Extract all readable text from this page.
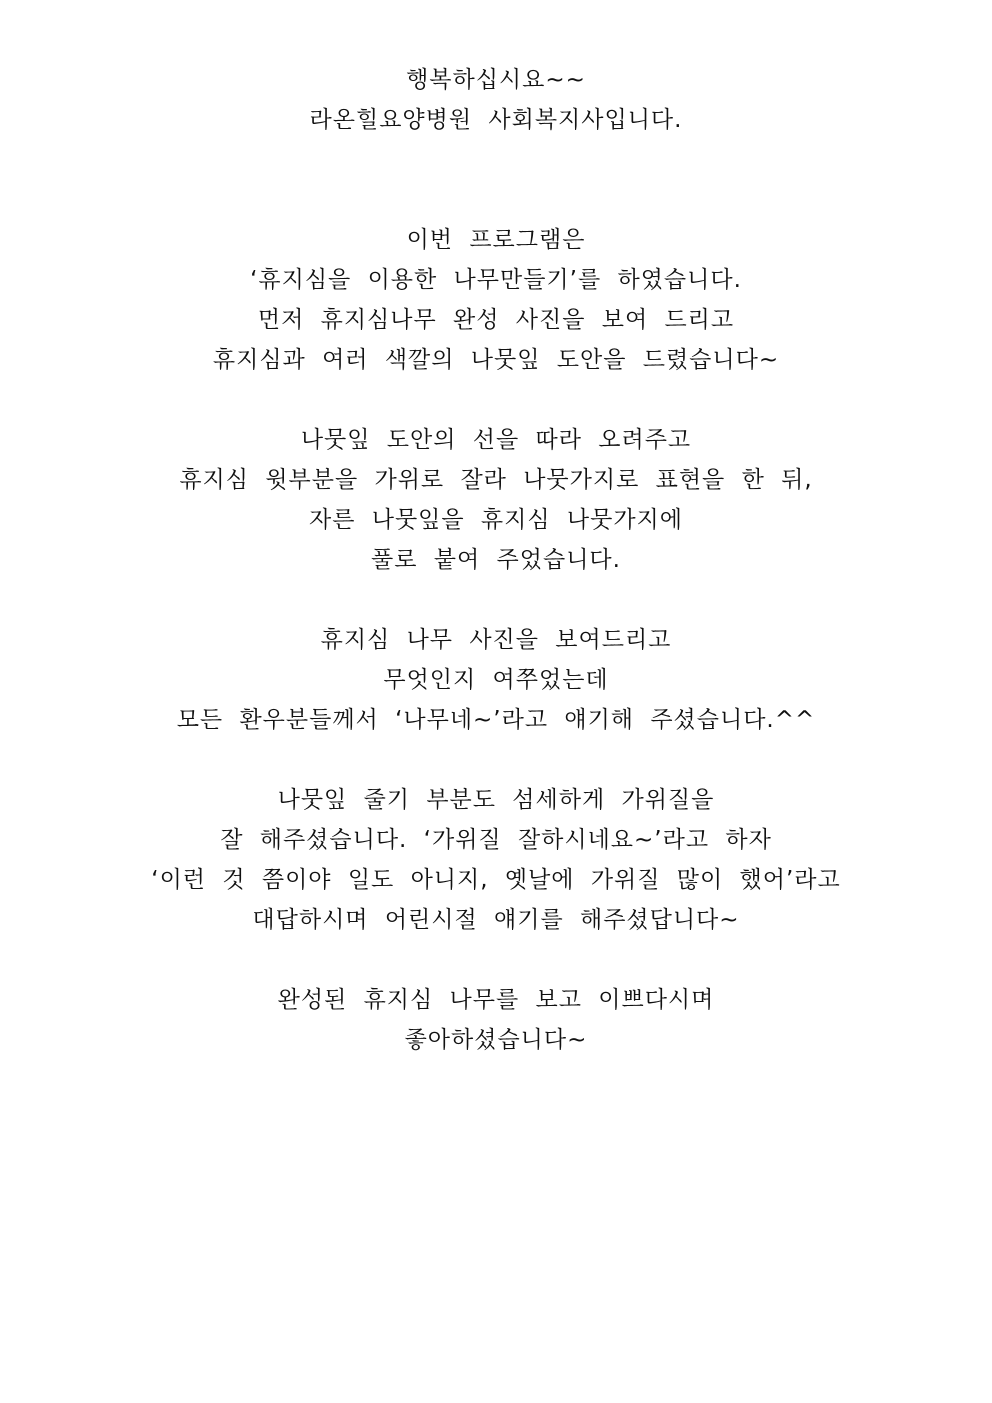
행복하십시요~~
라온힐요양병원 사회복지사입니다.
이번 프로그램은
‘휴지심을 이용한 나무만들기’를 하였습니다.
먼저 휴지심나무 완성 사진을 보여 드리고
휴지심과 여러 색깔의 나뭇잎 도안을 드렸습니다~
나뭇잎 도안의 선을 따라 오려주고
휴지심 윗부분을 가위로 잘라 나뭇가지로 표현을 한 뒤,
자른 나뭇잎을 휴지심 나뭇가지에
풀로 붙여 주었습니다.
휴지심 나무 사진을 보여드리고
무엇인지 여쭈었는데
모든 환우분들께서 ‘나무네~’라고 얘기해 주셨습니다.^^
나뭇잎 줄기 부분도 섬세하게 가위질을
잘 해주셨습니다. ‘가위질 잘하시네요~’라고 하자
‘이런 것 쯤이야 일도 아니지, 옛날에 가위질 많이 했어’라고
대답하시며 어린시절 얘기를 해주셨답니다~
완성된 휴지심 나무를 보고 이쁘다시며
좋아하셨습니다~
